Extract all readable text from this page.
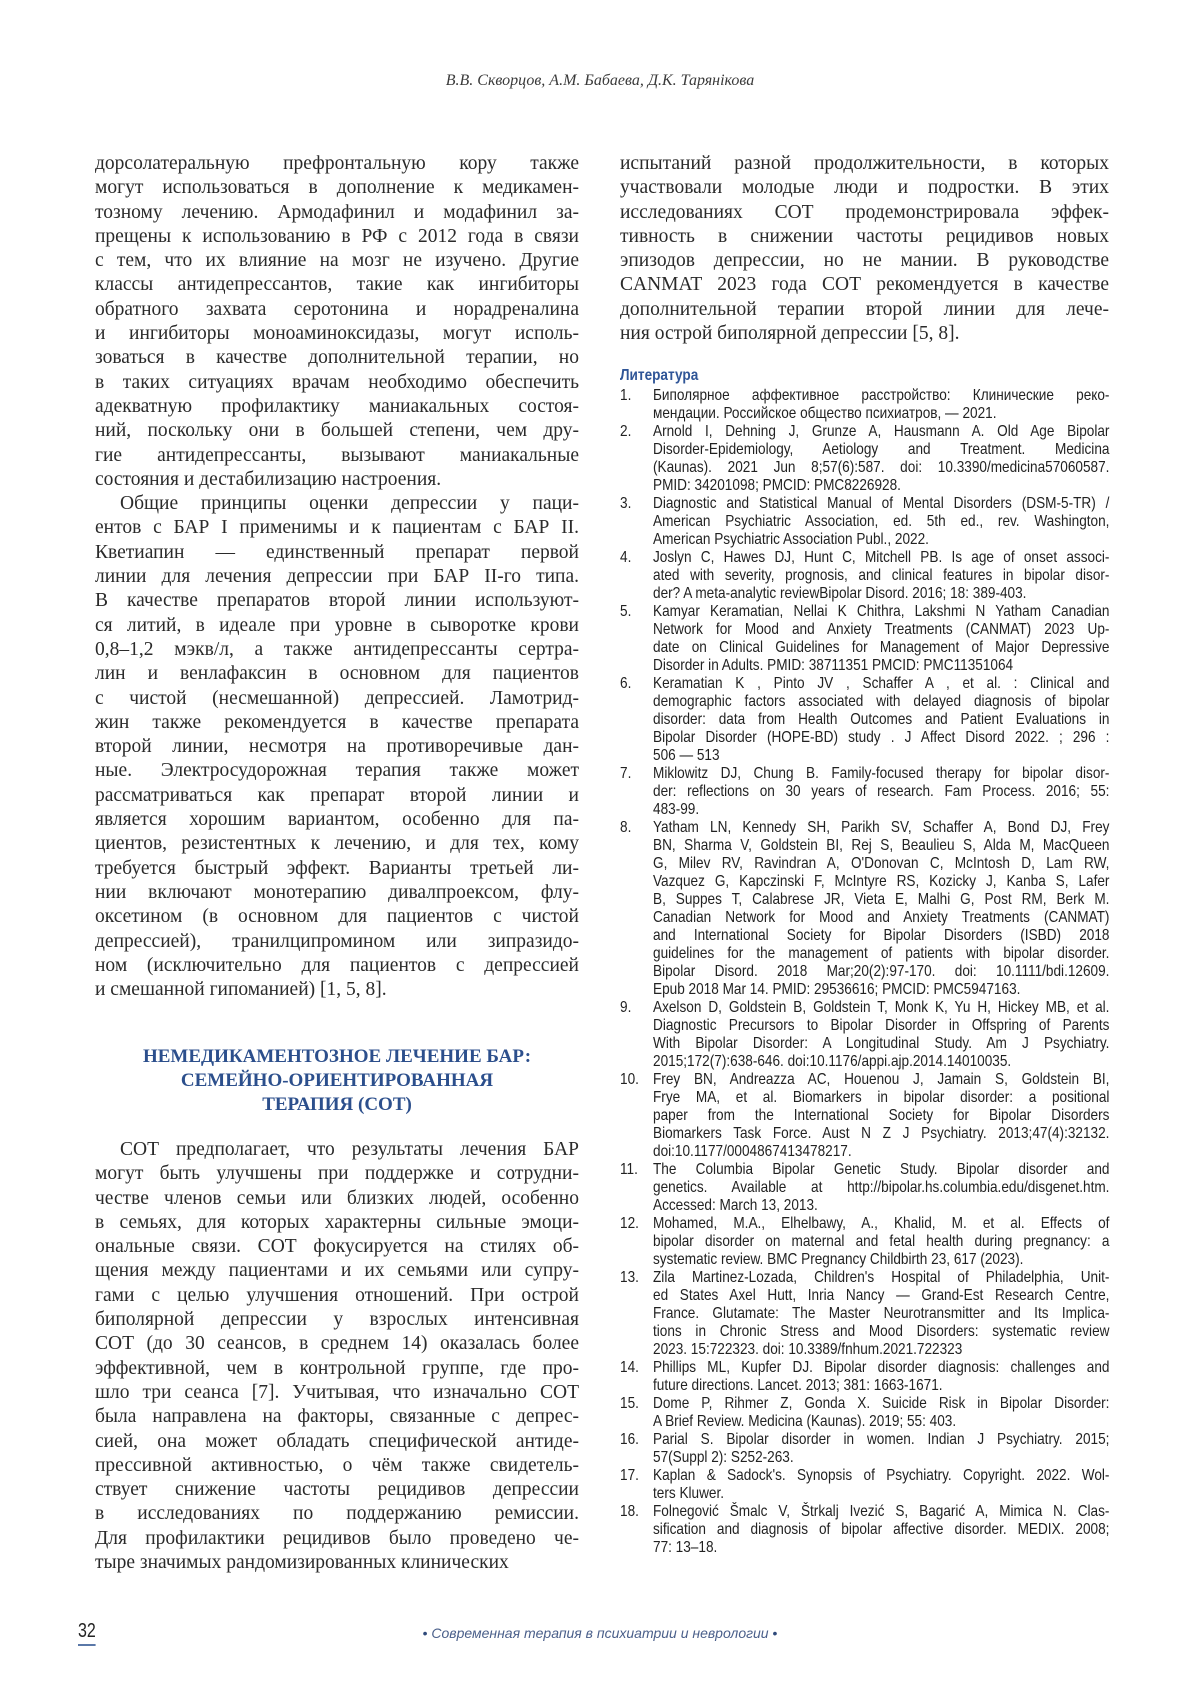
В.В. Скворцов, А.М. Бабаева, Д.К. Тарянікова
дорсолатеральную префронтальную кору также
могут использоваться в дополнение к медикамен-
тозному лечению. Армодафинил и модафинил за-
прещены к использованию в РФ с 2012 года в связи
с тем, что их влияние на мозг не изучено. Другие
классы антидепрессантов, такие как ингибиторы
обратного захвата серотонина и норадреналина
и ингибиторы моноаминоксидазы, могут исполь-
зоваться в качестве дополнительной терапии, но
в таких ситуациях врачам необходимо обеспечить
адекватную профилактику маниакальных состоя-
ний, поскольку они в большей степени, чем дру-
гие антидепрессанты, вызывают маниакальные
состояния и дестабилизацию настроения.
Общие принципы оценки депрессии у паци-
ентов с БАР I применимы и к пациентам с БАР II.
Кветиапин — единственный препарат первой
линии для лечения депрессии при БАР II-го типа.
В качестве препаратов второй линии используют-
ся литий, в идеале при уровне в сыворотке крови
0,8–1,2 мэкв/л, а также антидепрессанты сертра-
лин и венлафаксин в основном для пациентов
с чистой (несмешанной) депрессией. Ламотрид-
жин также рекомендуется в качестве препарата
второй линии, несмотря на противоречивые дан-
ные. Электросудорожная терапия также может
рассматриваться как препарат второй линии и
является хорошим вариантом, особенно для па-
циентов, резистентных к лечению, и для тех, кому
требуется быстрый эффект. Варианты третьей ли-
нии включают монотерапию дивалпроексом, флу-
оксетином (в основном для пациентов с чистой
депрессией), транилципромином или зипразидо-
ном (исключительно для пациентов с депрессией
и смешанной гипоманией) [1, 5, 8].
НЕМЕДИКАМЕНТОЗНОЕ ЛЕЧЕНИЕ БАР:
СЕМЕЙНО-ОРИЕНТИРОВАННАЯ
ТЕРАПИЯ (СОТ)
СОТ предполагает, что результаты лечения БАР
могут быть улучшены при поддержке и сотрудни-
честве членов семьи или близких людей, особенно
в семьях, для которых характерны сильные эмоци-
ональные связи. СОТ фокусируется на стилях об-
щения между пациентами и их семьями или супру-
гами с целью улучшения отношений. При острой
биполярной депрессии у взрослых интенсивная
СОТ (до 30 сеансов, в среднем 14) оказалась более
эффективной, чем в контрольной группе, где про-
шло три сеанса [7]. Учитывая, что изначально СОТ
была направлена на факторы, связанные с депрес-
сией, она может обладать специфической антиде-
прессивной активностью, о чём также свидетель-
ствует снижение частоты рецидивов депрессии
в исследованиях по поддержанию ремиссии.
Для профилактики рецидивов было проведено че-
тыре значимых рандомизированных клинических
испытаний разной продолжительности, в которых
участвовали молодые люди и подростки. В этих
исследованиях СОТ продемонстрировала эффек-
тивность в снижении частоты рецидивов новых
эпизодов депрессии, но не мании. В руководстве
CANMAT 2023 года СОТ рекомендуется в качестве
дополнительной терапии второй линии для лече-
ния острой биполярной депрессии [5, 8].
Литература
1. Биполярное аффективное расстройство: Клинические реко-
мендации. Российское общество психиатров, — 2021.
2. Arnold I, Dehning J, Grunze A, Hausmann A. Old Age Bipolar
Disorder-Epidemiology, Aetiology and Treatment. Medicina
(Kaunas). 2021 Jun 8;57(6):587. doi: 10.3390/medicina57060587.
PMID: 34201098; PMCID: PMC8226928.
3. Diagnostic and Statistical Manual of Mental Disorders (DSM-5-TR) /
American Psychiatric Association, ed. 5th ed., rev. Washington,
American Psychiatric Association Publ., 2022.
4. Joslyn C, Hawes DJ, Hunt C, Mitchell PB. Is age of onset associ-
ated with severity, prognosis, and clinical features in bipolar disor-
der? A meta-analytic reviewBipolar Disord. 2016; 18: 389-403.
5. Kamyar Keramatian, Nellai K Chithra, Lakshmi N Yatham Canadian
Network for Mood and Anxiety Treatments (CANMAT) 2023 Up-
date on Clinical Guidelines for Management of Major Depressive
Disorder in Adults. PMID: 38711351 PMCID: PMC11351064
6. Keramatian K , Pinto JV , Schaffer A , et al. : Clinical and
demographic factors associated with delayed diagnosis of bipolar
disorder: data from Health Outcomes and Patient Evaluations in
Bipolar Disorder (HOPE-BD) study . J Affect Disord 2022. ; 296 :
506 — 513
7. Miklowitz DJ, Chung B. Family-focused therapy for bipolar disor-
der: reflections on 30 years of research. Fam Process. 2016; 55:
483-99.
8. Yatham LN, Kennedy SH, Parikh SV, Schaffer A, Bond DJ, Frey
BN, Sharma V, Goldstein BI, Rej S, Beaulieu S, Alda M, MacQueen
G, Milev RV, Ravindran A, O'Donovan C, McIntosh D, Lam RW,
Vazquez G, Kapczinski F, McIntyre RS, Kozicky J, Kanba S, Lafer
B, Suppes T, Calabrese JR, Vieta E, Malhi G, Post RM, Berk M.
Canadian Network for Mood and Anxiety Treatments (CANMAT)
and International Society for Bipolar Disorders (ISBD) 2018
guidelines for the management of patients with bipolar disorder.
Bipolar Disord. 2018 Mar;20(2):97-170. doi: 10.1111/bdi.12609.
Epub 2018 Mar 14. PMID: 29536616; PMCID: PMC5947163.
9. Axelson D, Goldstein B, Goldstein T, Monk K, Yu H, Hickey MB, et al.
Diagnostic Precursors to Bipolar Disorder in Offspring of Parents
With Bipolar Disorder: A Longitudinal Study. Am J Psychiatry.
2015;172(7):638-646. doi:10.1176/appi.ajp.2014.14010035.
10. Frey BN, Andreazza AC, Houenou J, Jamain S, Goldstein BI,
Frye MA, et al. Biomarkers in bipolar disorder: a positional
paper from the International Society for Bipolar Disorders
Biomarkers Task Force. Aust N Z J Psychiatry. 2013;47(4):32132.
doi:10.1177/0004867413478217.
11. The Columbia Bipolar Genetic Study. Bipolar disorder and
genetics. Available at http://bipolar.hs.columbia.edu/disgenet.htm.
Accessed: March 13, 2013.
12. Mohamed, M.A., Elhelbawy, A., Khalid, M. et al. Effects of
bipolar disorder on maternal and fetal health during pregnancy: a
systematic review. BMC Pregnancy Childbirth 23, 617 (2023).
13. Zila Martinez-Lozada, Children's Hospital of Philadelphia, Unit-
ed States Axel Hutt, Inria Nancy — Grand-Est Research Centre,
France. Glutamate: The Master Neurotransmitter and Its Implica-
tions in Chronic Stress and Mood Disorders: systematic review
2023. 15:722323. doi: 10.3389/fnhum.2021.722323
14. Phillips ML, Kupfer DJ. Bipolar disorder diagnosis: challenges and
future directions. Lancet. 2013; 381: 1663-1671.
15. Dome P, Rihmer Z, Gonda X. Suicide Risk in Bipolar Disorder:
A Brief Review. Medicina (Kaunas). 2019; 55: 403.
16. Parial S. Bipolar disorder in women. Indian J Psychiatry. 2015;
57(Suppl 2): S252-263.
17. Kaplan & Sadock's. Synopsis of Psychiatry. Copyright. 2022. Wol-
ters Kluwer.
18. Folnegović Šmalc V, Štrkalj Ivezić S, Bagarić A, Mimica N. Clas-
sification and diagnosis of bipolar affective disorder. MEDIX. 2008;
77: 13–18.
32	• Современная терапия в психиатрии и неврологии •
